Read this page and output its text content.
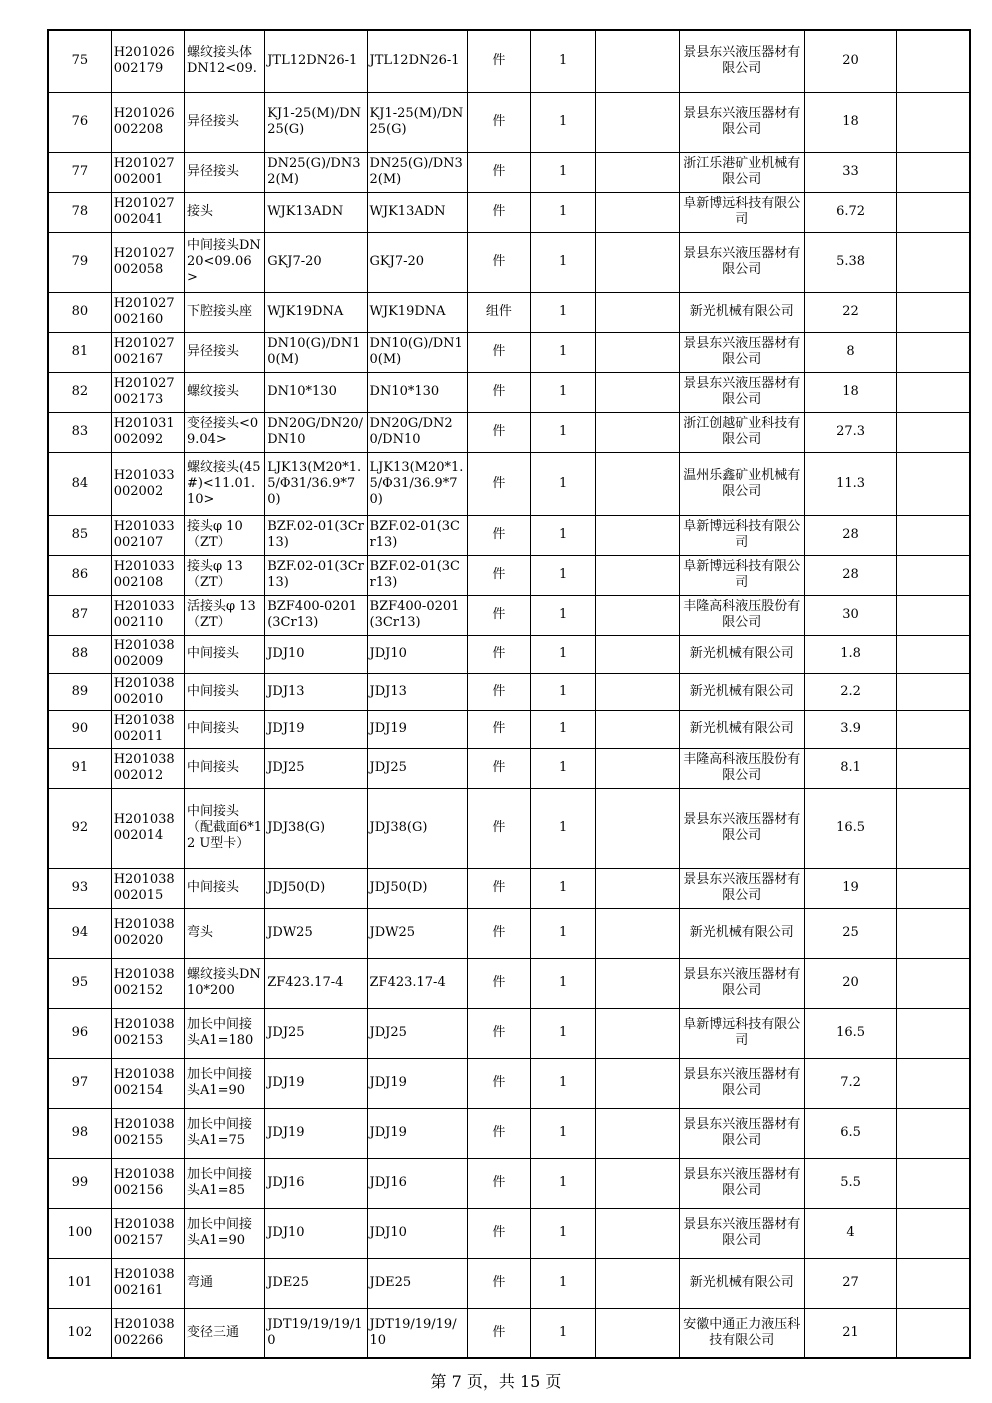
75	H201026002179	螺纹接头体DN12<09.	JTL12DN26-1	JTL12DN26-1	件	1		景县东兴液压器材有限公司	20	
76	H201026002208	异径接头	KJ1-25(M)/DN25(G)	KJ1-25(M)/DN25(G)	件	1		景县东兴液压器材有限公司	18	
77	H201027002001	异径接头	DN25(G)/DN32(M)	DN25(G)/DN32(M)	件	1		浙江乐港矿业机械有限公司	33	
78	H201027002041	接头	WJK13ADN	WJK13ADN	件	1		阜新博远科技有限公司	6.72	
79	H201027002058	中间接头DN20<09.06>	GKJ7-20	GKJ7-20	件	1		景县东兴液压器材有限公司	5.38	
80	H201027002160	下腔接头座	WJK19DNA	WJK19DNA	组件	1		新光机械有限公司	22	
81	H201027002167	异径接头	DN10(G)/DN10(M)	DN10(G)/DN10(M)	件	1		景县东兴液压器材有限公司	8	
82	H201027002173	螺纹接头	DN10*130	DN10*130	件	1		景县东兴液压器材有限公司	18	
83	H201031002092	变径接头<09.04>	DN20G/DN20/DN10	DN20G/DN20/DN10	件	1		浙江创越矿业科技有限公司	27.3	
84	H201033002002	螺纹接头(45#)<11.01.10>	LJK13(M20*1.5/Φ31/36.9*70)	LJK13(M20*1.5/Φ31/36.9*70)	件	1		温州乐鑫矿业机械有限公司	11.3	
85	H201033002107	接头φ 10（ZT）	BZF.02-01(3Cr13)	BZF.02-01(3Cr13)	件	1		阜新博远科技有限公司	28	
86	H201033002108	接头φ 13（ZT）	BZF.02-01(3Cr13)	BZF.02-01(3Cr13)	件	1		阜新博远科技有限公司	28	
87	H201033002110	活接头φ 13（ZT）	BZF400-0201(3Cr13)	BZF400-0201(3Cr13)	件	1		丰隆高科液压股份有限公司	30	
88	H201038002009	中间接头	JDJ10	JDJ10	件	1		新光机械有限公司	1.8	
89	H201038002010	中间接头	JDJ13	JDJ13	件	1		新光机械有限公司	2.2	
90	H201038002011	中间接头	JDJ19	JDJ19	件	1		新光机械有限公司	3.9	
91	H201038002012	中间接头	JDJ25	JDJ25	件	1		丰隆高科液压股份有限公司	8.1	
92	H201038002014	中间接头（配截面6*12 U型卡）	JDJ38(G)	JDJ38(G)	件	1		景县东兴液压器材有限公司	16.5	
93	H201038002015	中间接头	JDJ50(D)	JDJ50(D)	件	1		景县东兴液压器材有限公司	19	
94	H201038002020	弯头	JDW25	JDW25	件	1		新光机械有限公司	25	
95	H201038002152	螺纹接头DN10*200	ZF423.17-4	ZF423.17-4	件	1		景县东兴液压器材有限公司	20	
96	H201038002153	加长中间接头A1=180	JDJ25	JDJ25	件	1		阜新博远科技有限公司	16.5	
97	H201038002154	加长中间接头A1=90	JDJ19	JDJ19	件	1		景县东兴液压器材有限公司	7.2	
98	H201038002155	加长中间接头A1=75	JDJ19	JDJ19	件	1		景县东兴液压器材有限公司	6.5	
99	H201038002156	加长中间接头A1=85	JDJ16	JDJ16	件	1		景县东兴液压器材有限公司	5.5	
100	H201038002157	加长中间接头A1=90	JDJ10	JDJ10	件	1		景县东兴液压器材有限公司	4	
101	H201038002161	弯通	JDE25	JDE25	件	1		新光机械有限公司	27	
102	H201038002266	变径三通	JDT19/19/19/10	JDT19/19/19/10	件	1		安徽中通正力液压科技有限公司	21	
第 7 页，共 15 页
